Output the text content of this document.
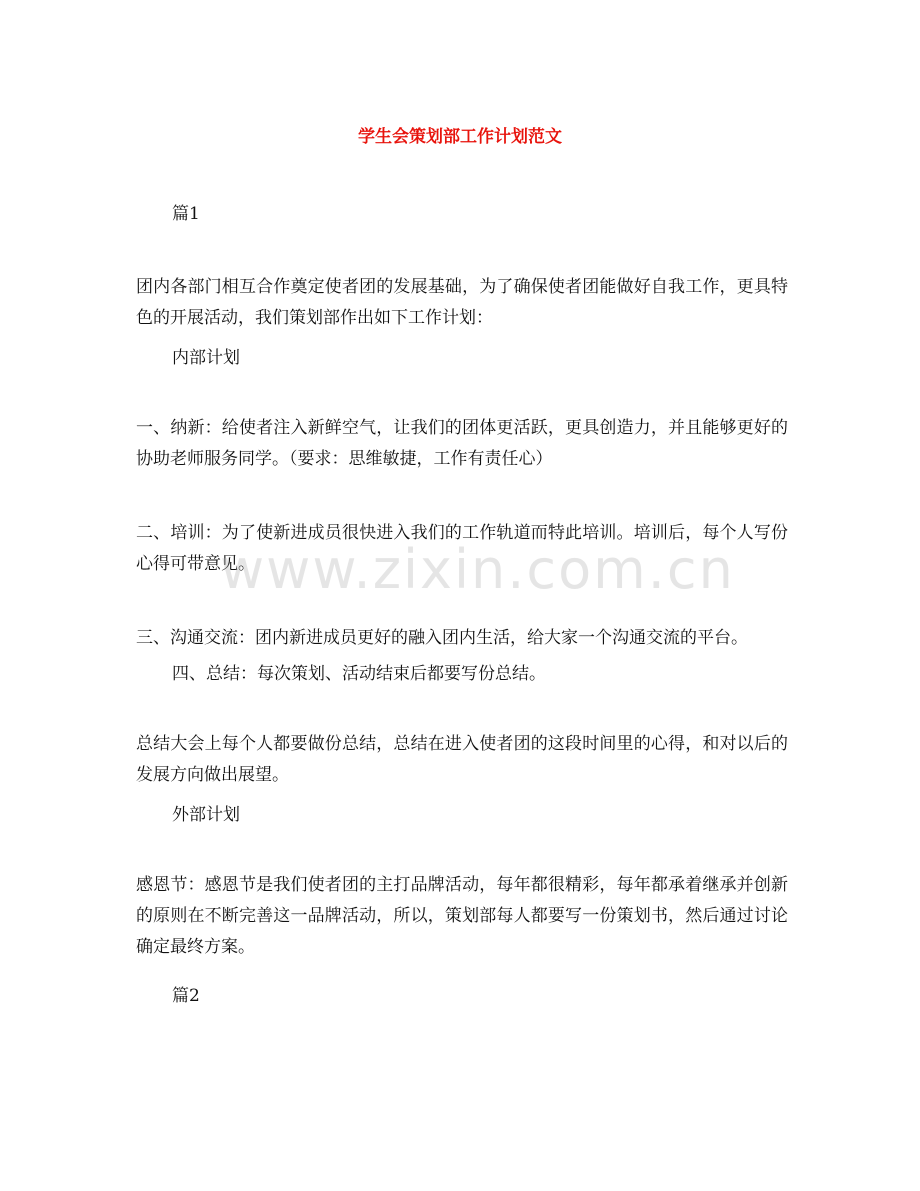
学生会策划部工作计划范文

篇1

团内各部门相互合作奠定使者团的发展基础，为了确保使者团能做好自我工作，更具特色的开展活动，我们策划部作出如下工作计划：

内部计划

一、纳新：给使者注入新鲜空气，让我们的团体更活跃，更具创造力，并且能够更好的协助老师服务同学。（要求：思维敏捷，工作有责任心）

二、培训：为了使新进成员很快进入我们的工作轨道而特此培训。培训后，每个人写份心得可带意见。

三、沟通交流：团内新进成员更好的融入团内生活，给大家一个沟通交流的平台。

四、总结：每次策划、活动结束后都要写份总结。

总结大会上每个人都要做份总结，总结在进入使者团的这段时间里的心得，和对以后的发展方向做出展望。

外部计划

感恩节：感恩节是我们使者团的主打品牌活动，每年都很精彩，每年都承着继承并创新的原则在不断完善这一品牌活动，所以，策划部每人都要写一份策划书，然后通过讨论确定最终方案。

篇2

www.zixin.com.cn
